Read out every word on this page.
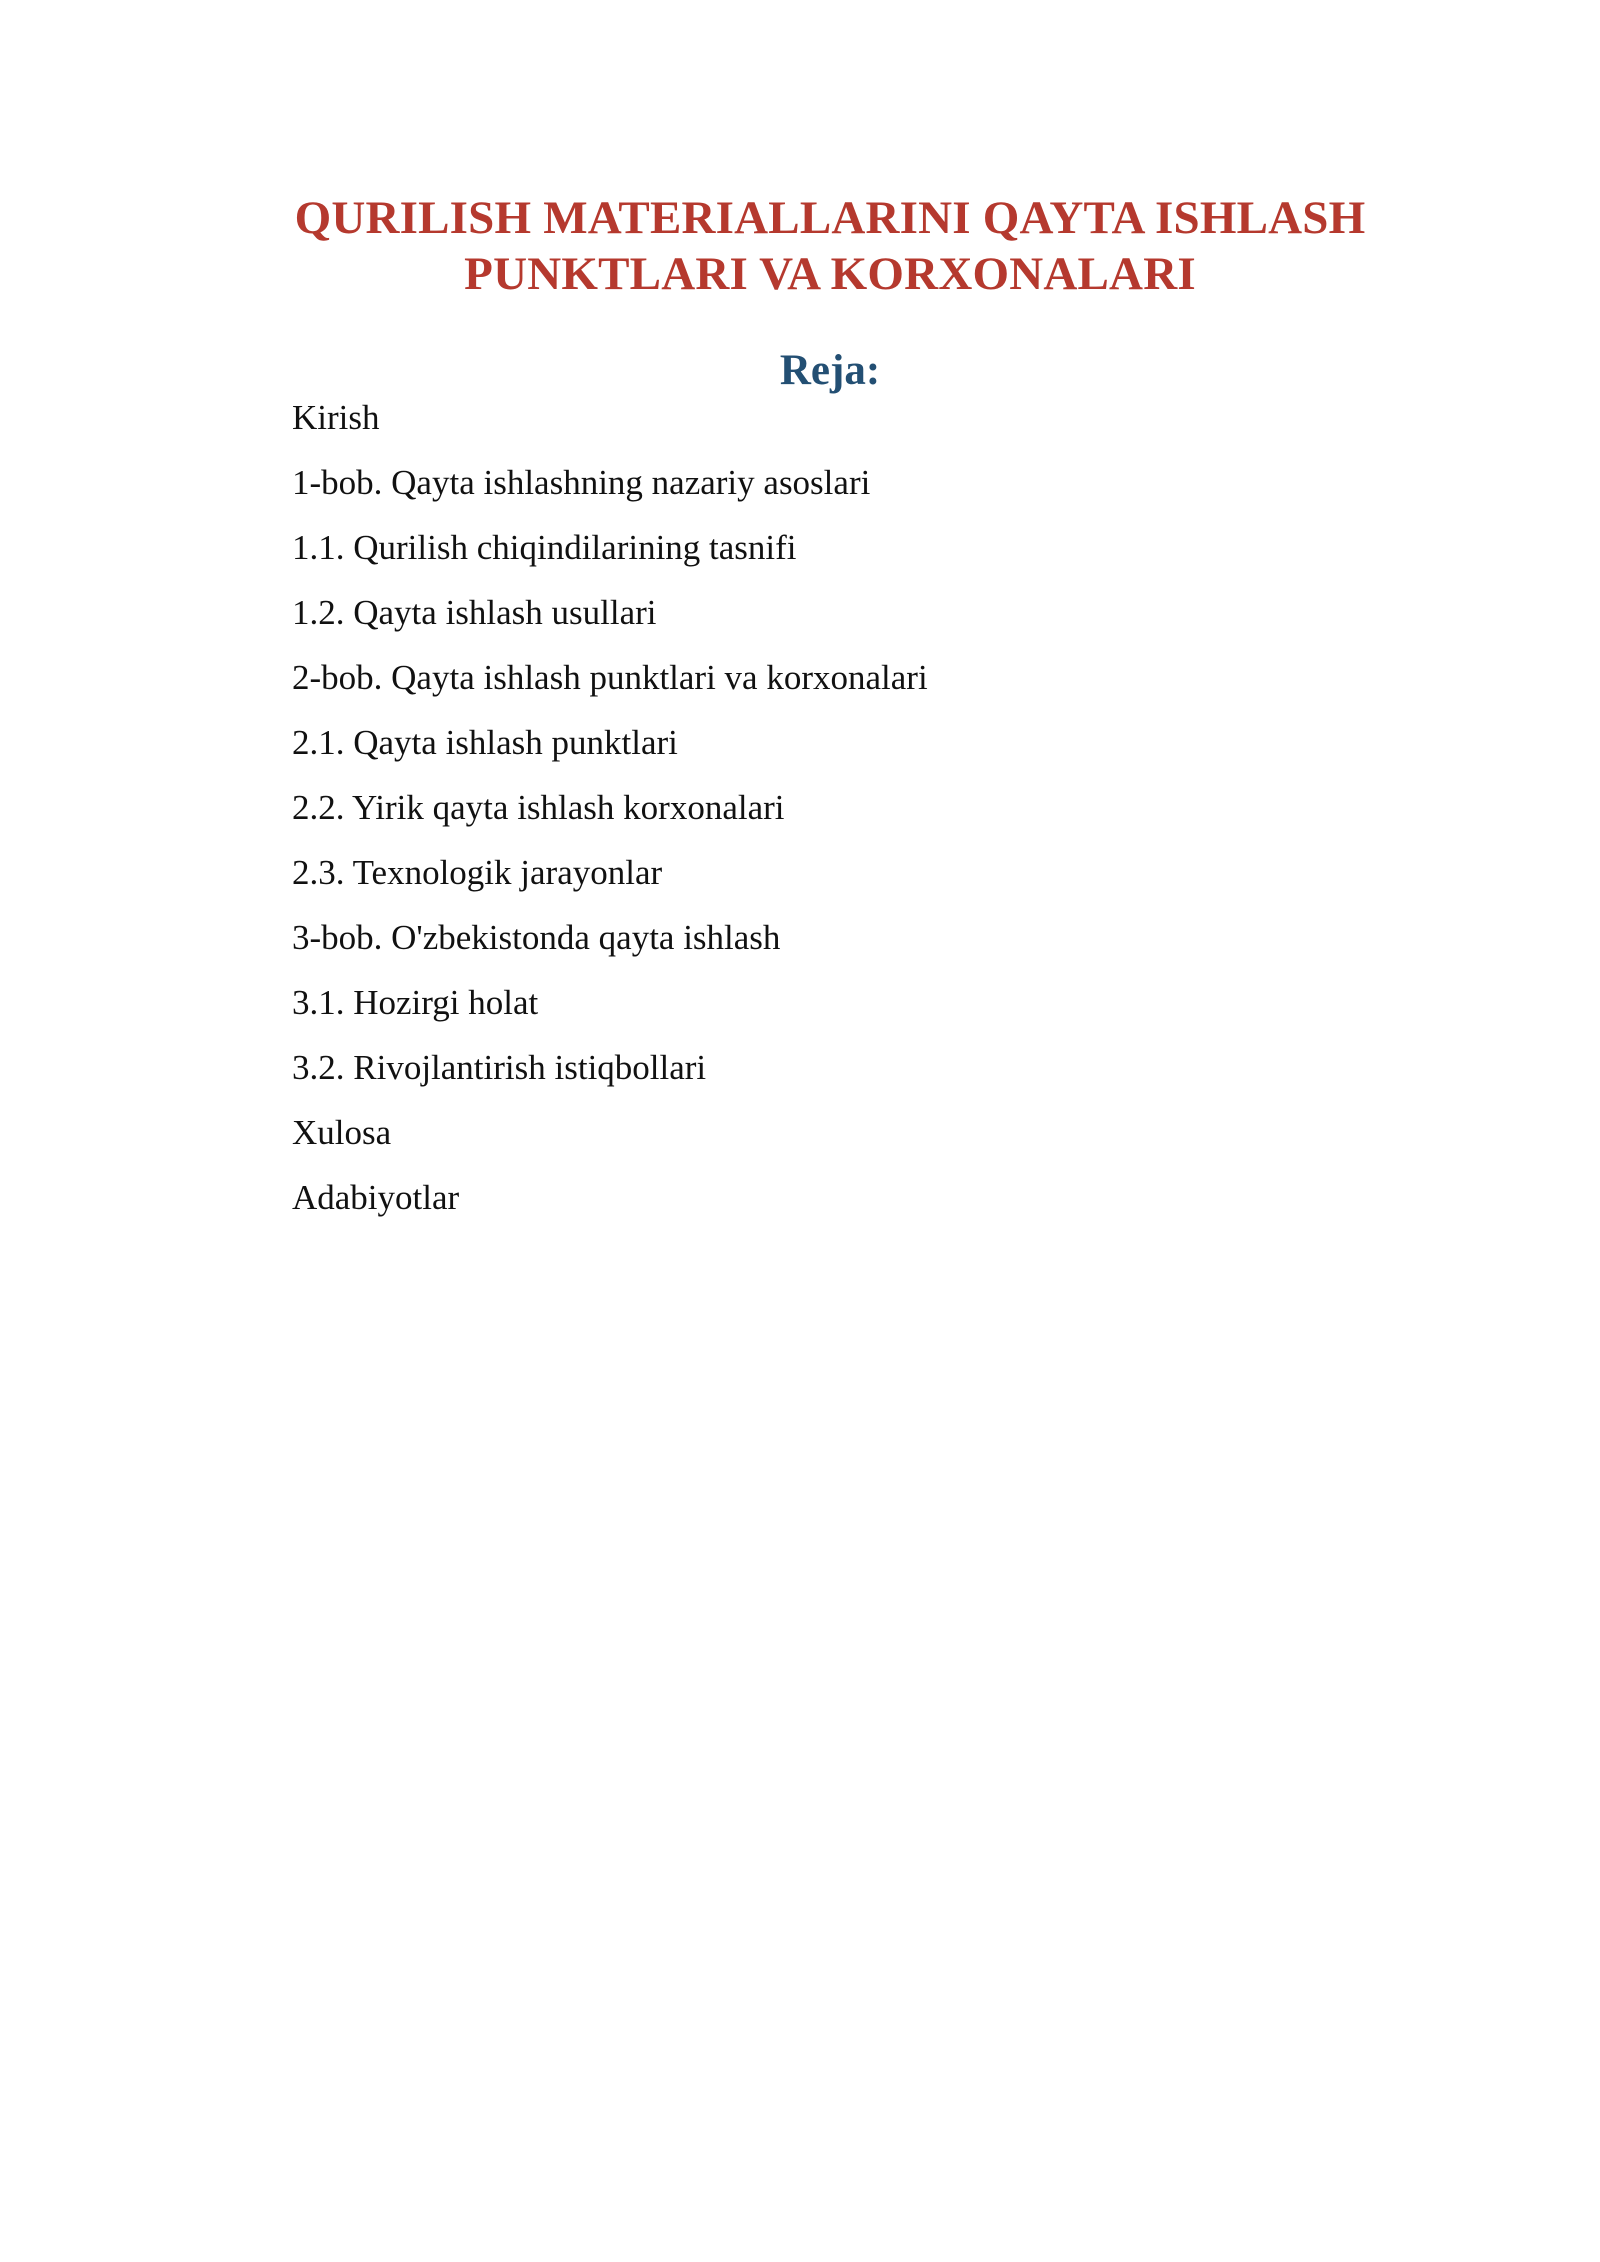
QURILISH MATERIALLARINI QAYTA ISHLASH
PUNKTLARI VA KORXONALARI
Reja:
Kirish
1-bob. Qayta ishlashning nazariy asoslari
1.1. Qurilish chiqindilarining tasnifi
1.2. Qayta ishlash usullari
2-bob. Qayta ishlash punktlari va korxonalari
2.1. Qayta ishlash punktlari
2.2. Yirik qayta ishlash korxonalari
2.3. Texnologik jarayonlar
3-bob. O'zbekistonda qayta ishlash
3.1. Hozirgi holat
3.2. Rivojlantirish istiqbollari
Xulosa
Adabiyotlar
